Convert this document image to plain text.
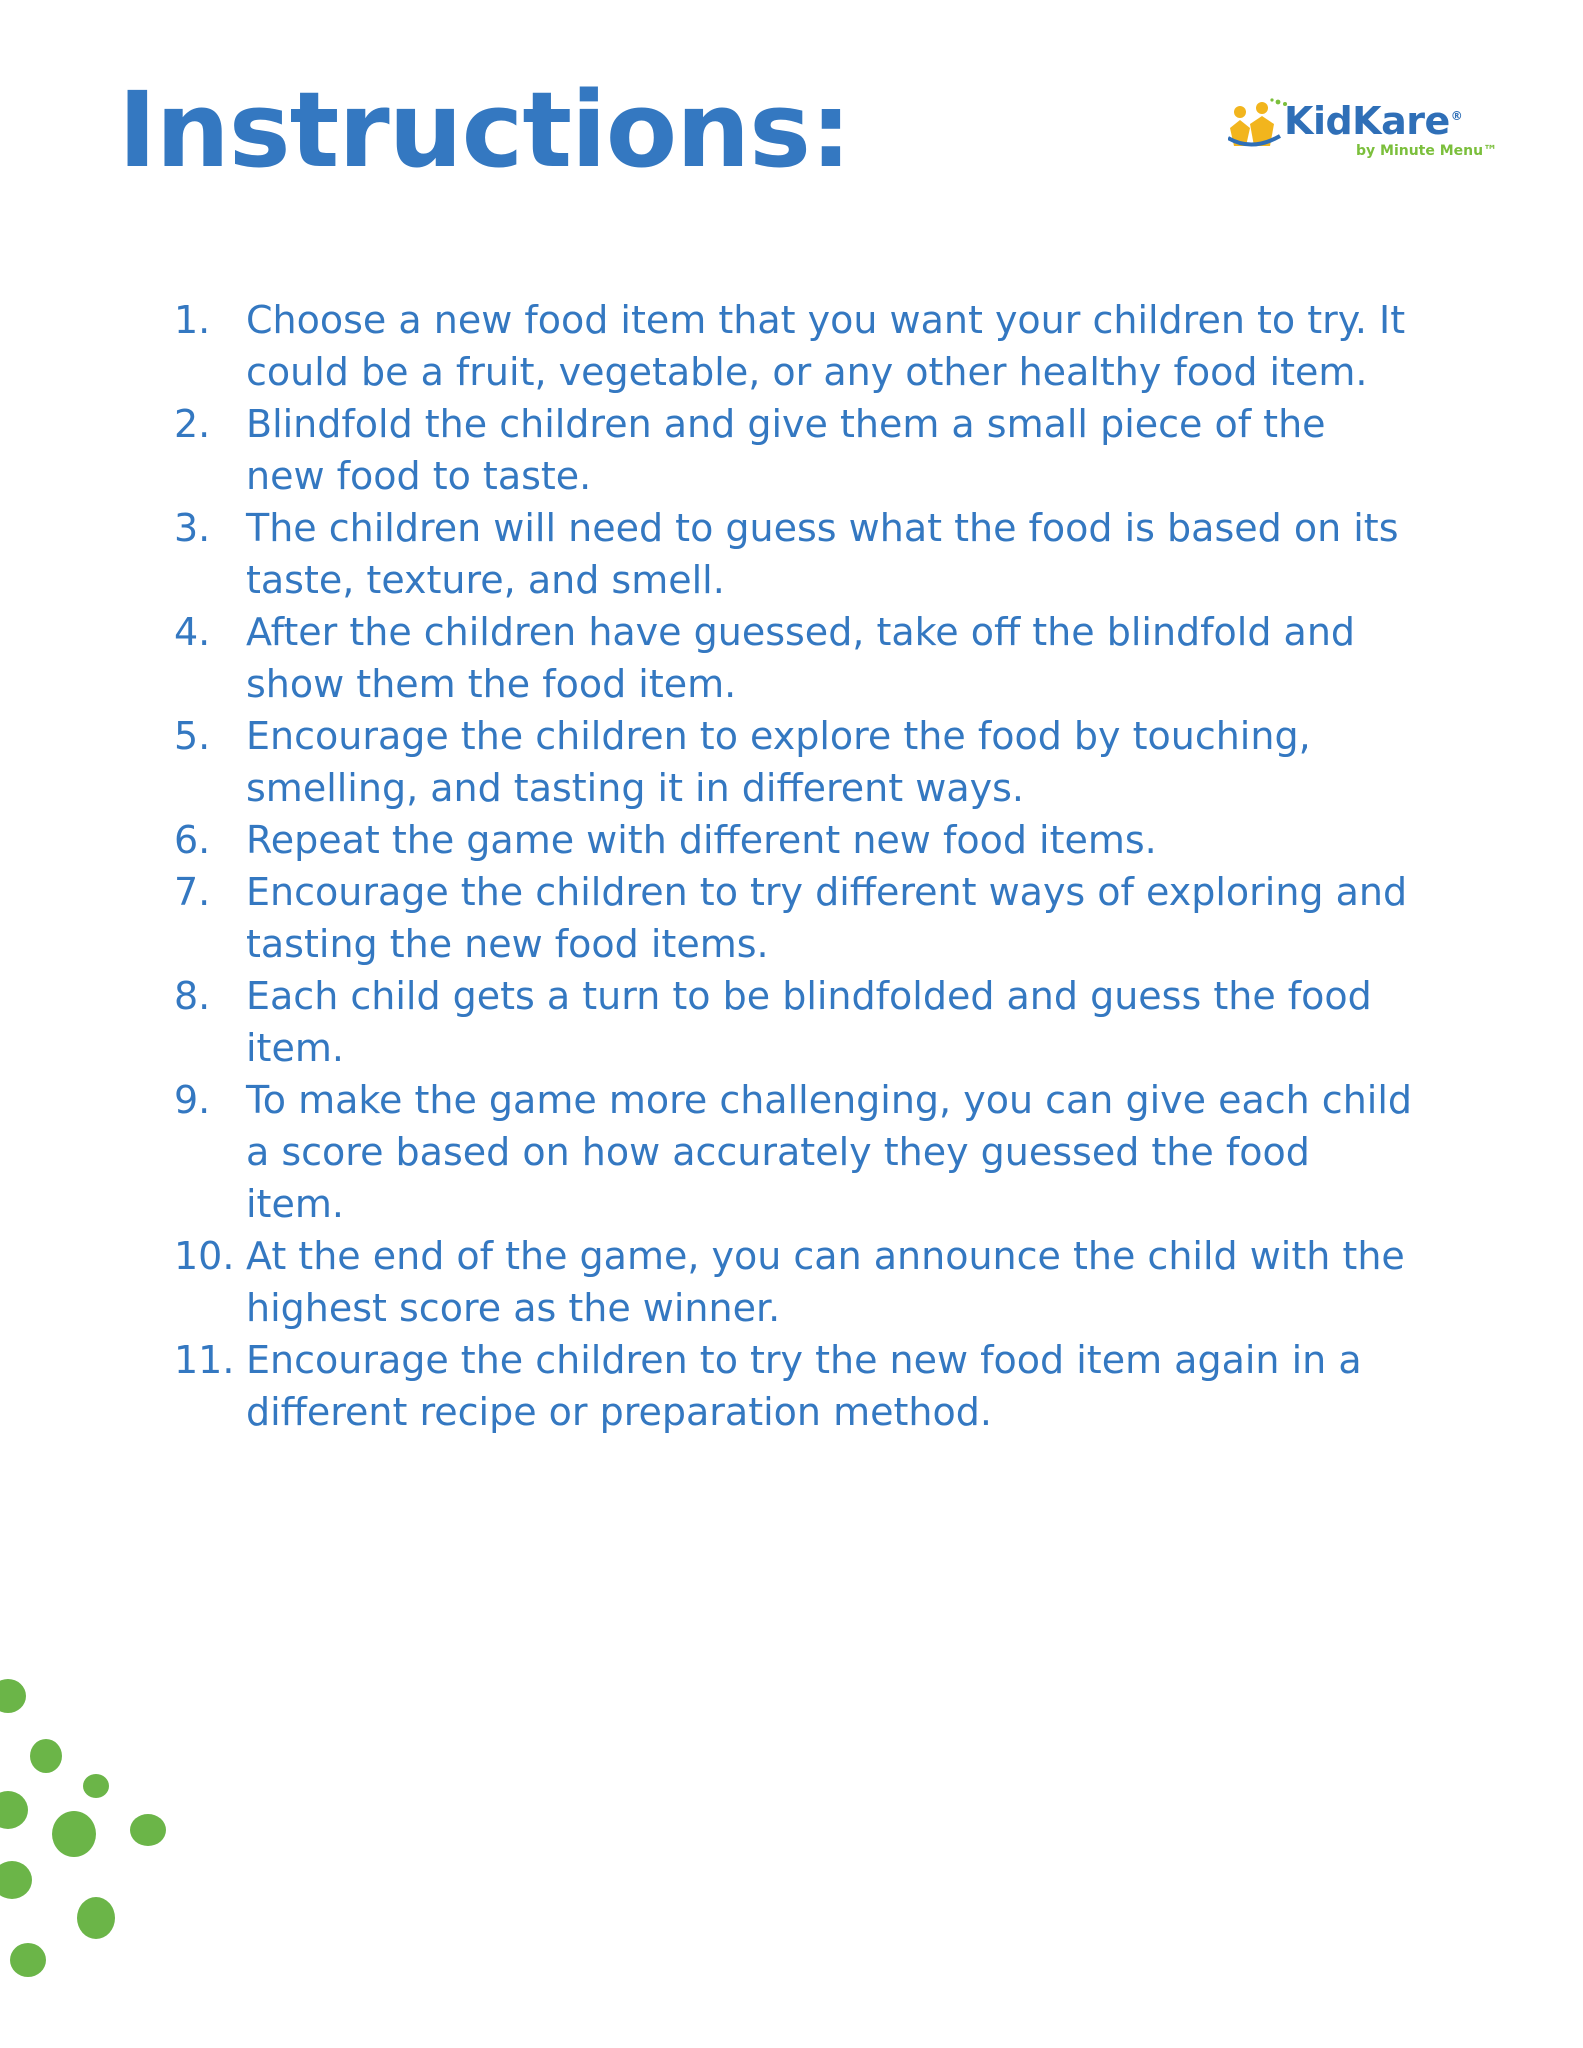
Instructions:	KidKare®
by Minute Menu™
1. Choose a new food item that you want your children to try. It could be a fruit, vegetable, or any other healthy food item.
2. Blindfold the children and give them a small piece of the new food to taste.
3. The children will need to guess what the food is based on its taste, texture, and smell.
4. After the children have guessed, take off the blindfold and show them the food item.
5. Encourage the children to explore the food by touching, smelling, and tasting it in different ways.
6. Repeat the game with different new food items.
7. Encourage the children to try different ways of exploring and tasting the new food items.
8. Each child gets a turn to be blindfolded and guess the food item.
9. To make the game more challenging, you can give each child a score based on how accurately they guessed the food item.
10. At the end of the game, you can announce the child with the highest score as the winner.
11. Encourage the children to try the new food item again in a different recipe or preparation method.
